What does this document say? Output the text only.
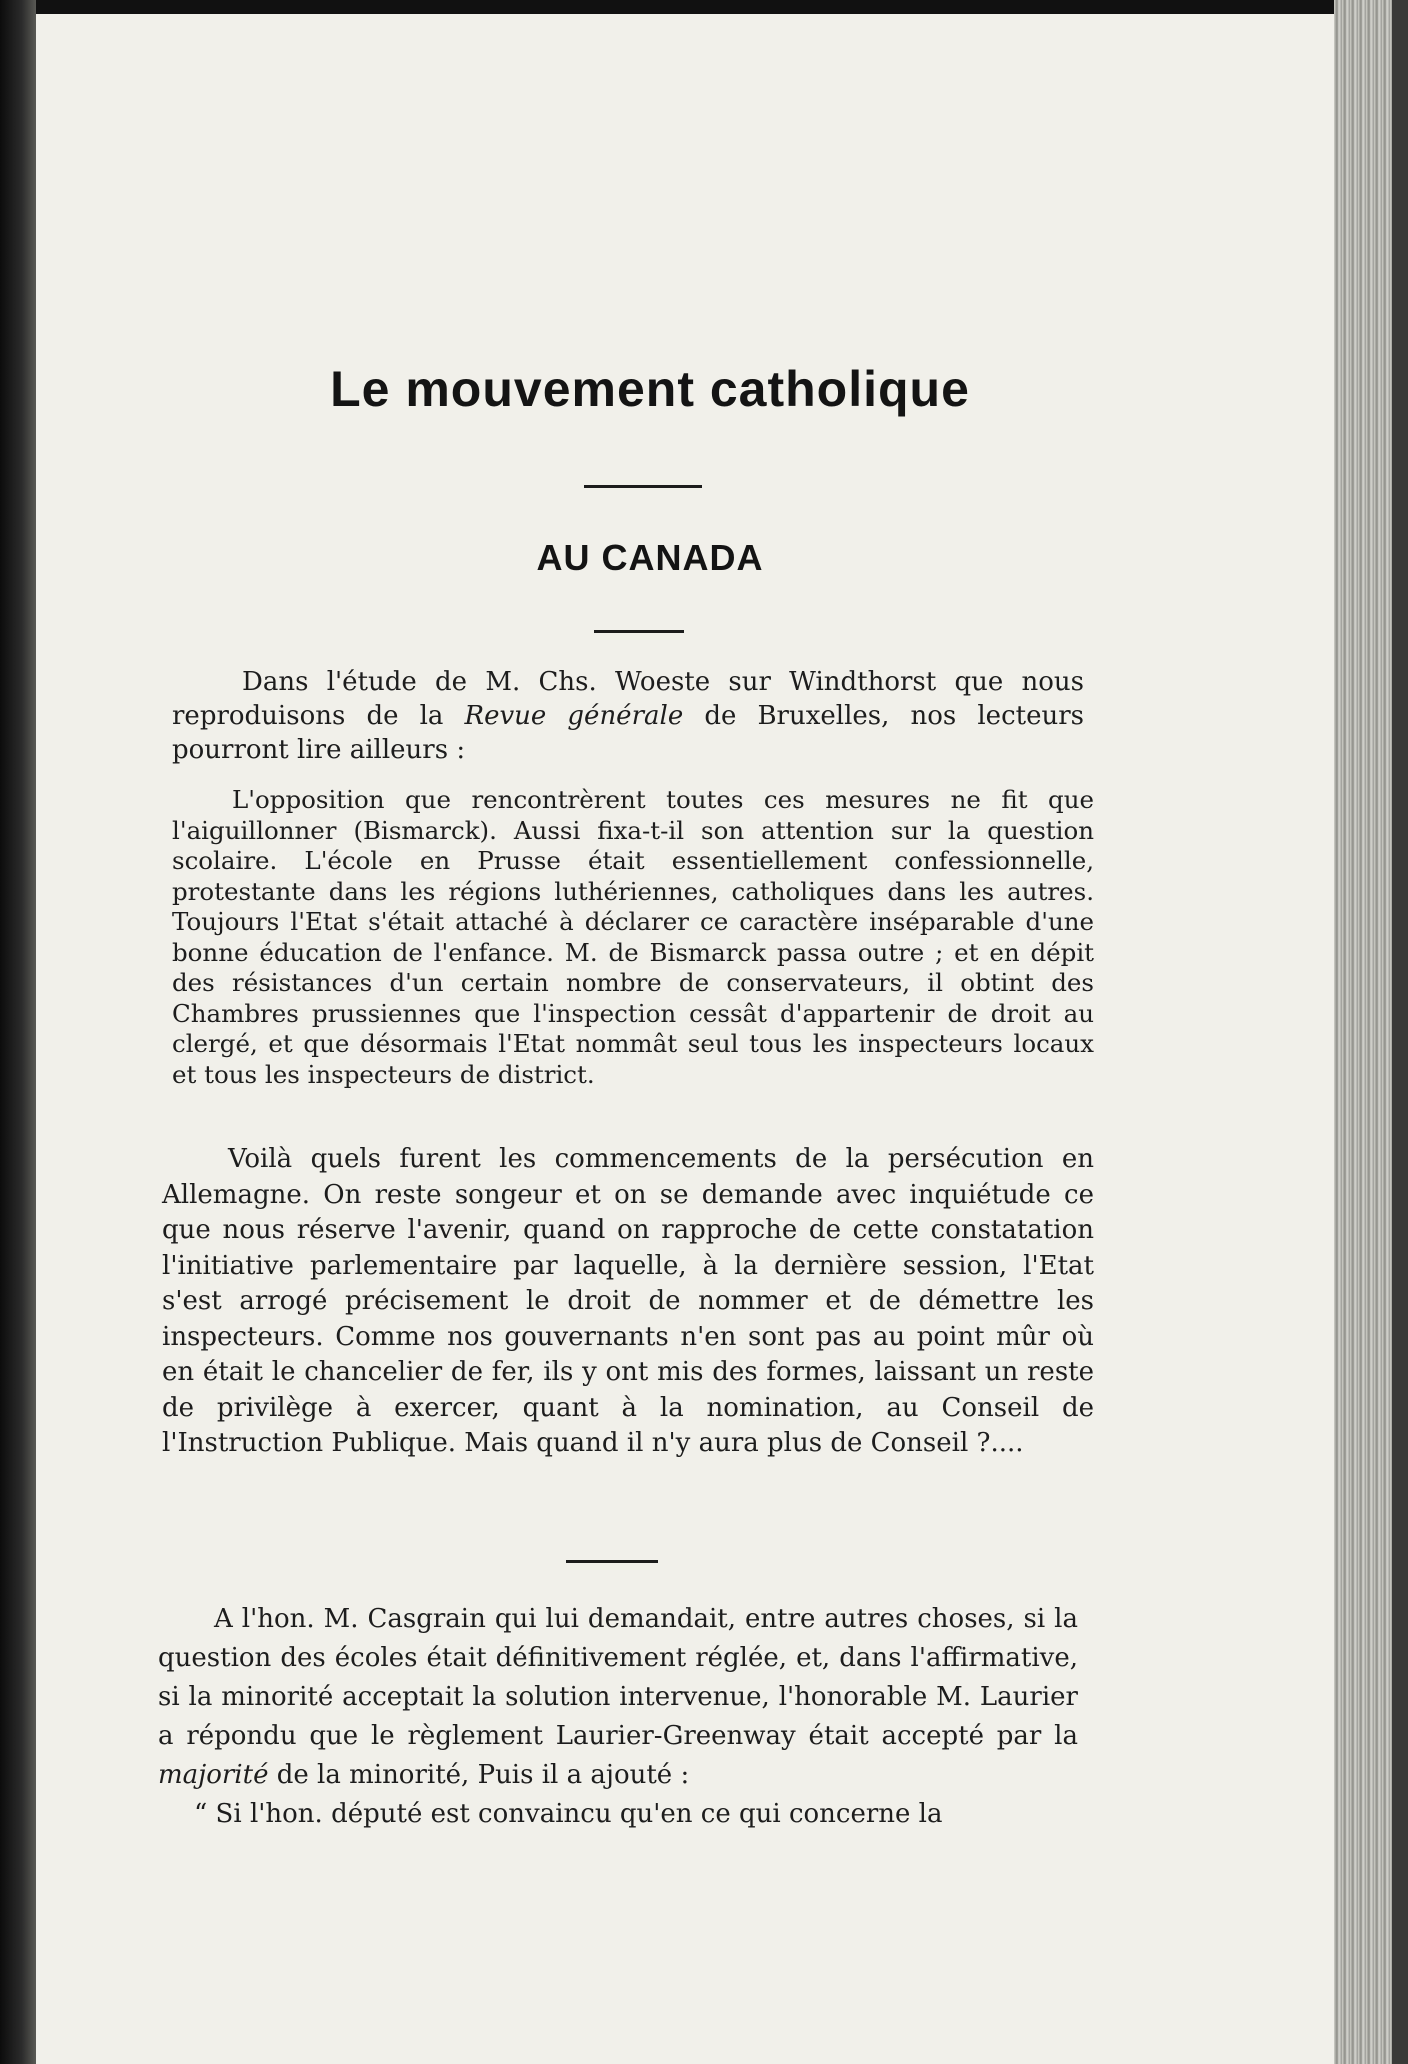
Le mouvement catholique
AU CANADA

Dans l'étude de M. Chs. Woeste sur Windthorst que nous reproduisons de la Revue générale de Bruxelles, nos lecteurs pourront lire ailleurs :

L'opposition que rencontrèrent toutes ces mesures ne fit que l'aiguillonner (Bismarck). Aussi fixa-t-il son attention sur la question scolaire. L'école en Prusse était essentiellement confessionnelle, protestante dans les régions luthériennes, catholiques dans les autres. Toujours l'Etat s'était attaché à déclarer ce caractère inséparable d'une bonne éducation de l'enfance. M. de Bismarck passa outre ; et en dépit des résistances d'un certain nombre de conservateurs, il obtint des Chambres prussiennes que l'inspection cessât d'appartenir de droit au clergé, et que désormais l'Etat nommât seul tous les inspecteurs locaux et tous les inspecteurs de district.

Voilà quels furent les commencements de la persécution en Allemagne. On reste songeur et on se demande avec inquiétude ce que nous réserve l'avenir, quand on rapproche de cette constatation l'initiative parlementaire par laquelle, à la dernière session, l'Etat s'est arrogé précisement le droit de nommer et de démettre les inspecteurs. Comme nos gouvernants n'en sont pas au point mûr où en était le chancelier de fer, ils y ont mis des formes, laissant un reste de privilège à exercer, quant à la nomination, au Conseil de l'Instruction Publique. Mais quand il n'y aura plus de Conseil ?....

A l'hon. M. Casgrain qui lui demandait, entre autres choses, si la question des écoles était définitivement réglée, et, dans l'affirmative, si la minorité acceptait la solution intervenue, l'honorable M. Laurier a répondu que le règlement Laurier-Greenway était accepté par la majorité de la minorité, Puis il a ajouté :

“ Si l'hon. député est convaincu qu'en ce qui concerne la
